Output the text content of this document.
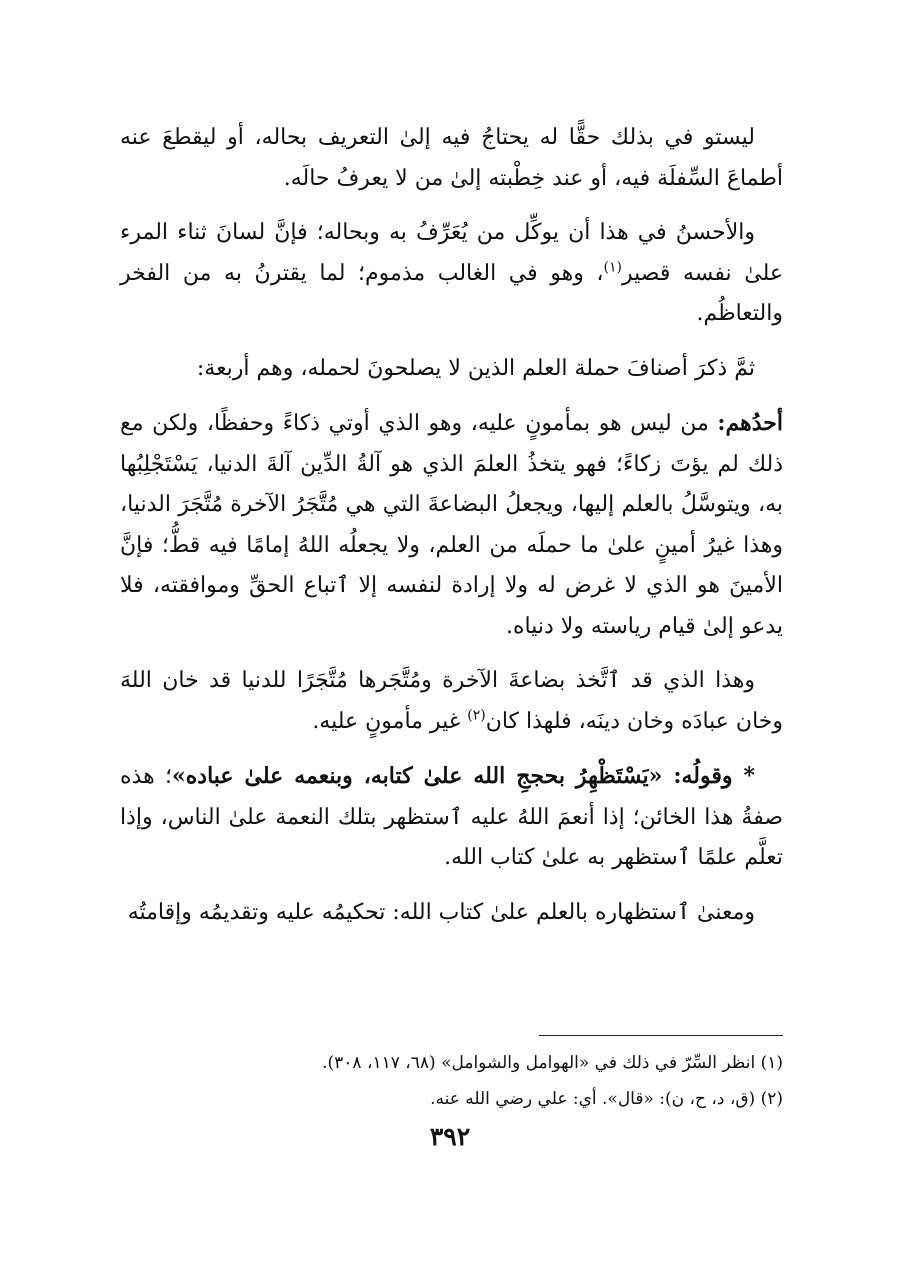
ليستو في بذلك حقًّا له يحتاجُ فيه إلىٰ التعريف بحاله، أو ليقطعَ عنه أطماعَ السِّفلَة فيه، أو عند خِطْبته إلىٰ من لا يعرفُ حالَه.

والأحسنُ في هذا أن يوكِّل من يُعَرِّفُ به وبحاله؛ فإنَّ لسانَ ثناء المرء علىٰ نفسه قصير$^{(١)}$، وهو في الغالب مذموم؛ لما يقترنُ به من الفخر والتعاظُم.

ثمَّ ذكرَ أصنافَ حملة العلم الذين لا يصلحونَ لحمله، وهم أربعة:

أحدُهم: من ليس هو بمأمونٍ عليه، وهو الذي أوتي ذكاءً وحفظًا، ولكن مع ذلك لم يؤتَ زكاءً؛ فهو يتخذُ العلمَ الذي هو آلةُ الدِّين آلةَ الدنيا، يَسْتَجْلِبُها به، ويتوسَّلُ بالعلم إليها، ويجعلُ البضاعةَ التي هي مُتَّجَرُ الآخرة مُتَّجَرَ الدنيا، وهذا غيرُ أمينٍ علىٰ ما حملَه من العلم، ولا يجعلُه اللهُ إمامًا فيه قطُّ؛ فإنَّ الأمينَ هو الذي لا غرض له ولا إرادة لنفسه إلا ٱتباع الحقِّ وموافقته، فلا يدعو إلىٰ قيام رياسته ولا دنياه.

وهذا الذي قد ٱتَّخذ بضاعةَ الآخرة ومُتَّجَرها مُتَّجَرًا للدنيا قد خان اللهَ وخان عبادَه وخان دينَه، فلهذا كان$^{(٢)}$ غير مأمونٍ عليه.

* وقولُه: «يَسْتَظْهِرُ بحججِ الله علىٰ كتابه، وبنعمه علىٰ عباده»؛ هذه صفةُ هذا الخائن؛ إذا أنعمَ اللهُ عليه ٱستظهر بتلك النعمة علىٰ الناس، وإذا تعلَّم علمًا ٱستظهر به علىٰ كتاب الله.

ومعنىٰ ٱستظهاره بالعلم علىٰ كتاب الله: تحكيمُه عليه وتقديمُه وإقامتُه

(١) انظر السِّرّ في ذلك في «الهوامل والشوامل» (٦٨، ١١٧، ٣٠٨).

(٢) (ق، د، ح، ن): «قال». أي: علي رضي الله عنه.

٣٩٢
